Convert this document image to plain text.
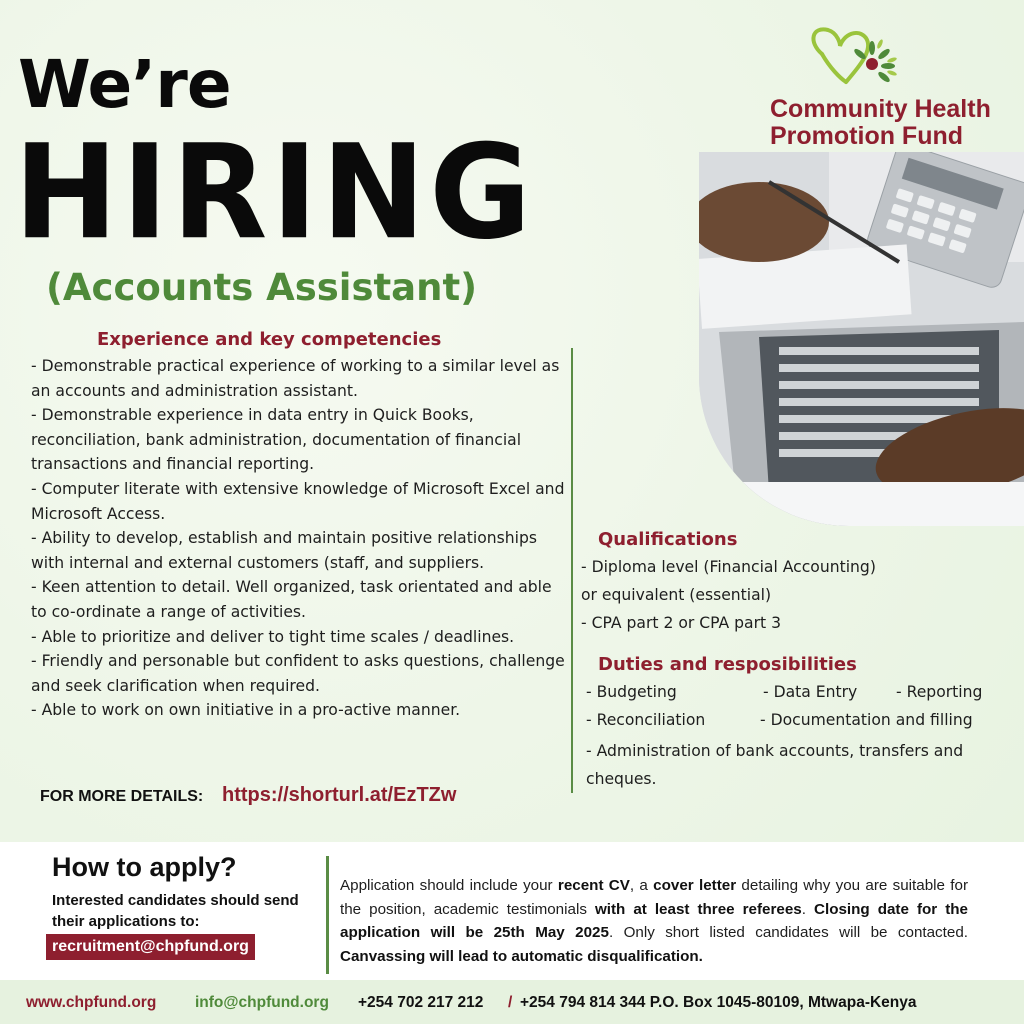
We’re
HIRING
(Accounts Assistant)
Community Health
Promotion Fund
Experience and key competencies
- Demonstrable practical experience of working to a similar level as an accounts and administration assistant.
- Demonstrable experience in data entry in Quick Books, reconciliation, bank administration, documentation of financial transactions and financial reporting.
- Computer literate with extensive knowledge of Microsoft Excel and Microsoft Access.
- Ability to develop, establish and maintain positive relationships with internal and external customers (staff, and suppliers.
- Keen attention to detail. Well organized, task orientated and able to co-ordinate a range of activities.
- Able to prioritize and deliver to tight time scales / deadlines.
- Friendly and personable but confident to asks questions, challenge and seek clarification when required.
- Able to work on own initiative in a pro-active manner.
Qualifications
- Diploma level (Financial Accounting)
or equivalent (essential)
- CPA part 2 or CPA part 3
Duties and resposibilities
- Budgeting	- Data Entry - Reporting
- Reconciliation	- Documentation and filling
- Administration of bank accounts, transfers and cheques.
FOR MORE DETAILS: https://shorturl.at/EzTZw
How to apply?
Interested candidates should send their applications to:
recruitment@chpfund.org

Application should include your recent CV, a cover letter detailing why you are suitable for the position, academic testimonials with at least three referees. Closing date for the application will be 25th May 2025. Only short listed candidates will be contacted. Canvassing will lead to automatic disqualification.

www.chpfund.org info@chpfund.org +254 702 217 212 / +254 794 814 344 P.O. Box 1045-80109, Mtwapa-Kenya
